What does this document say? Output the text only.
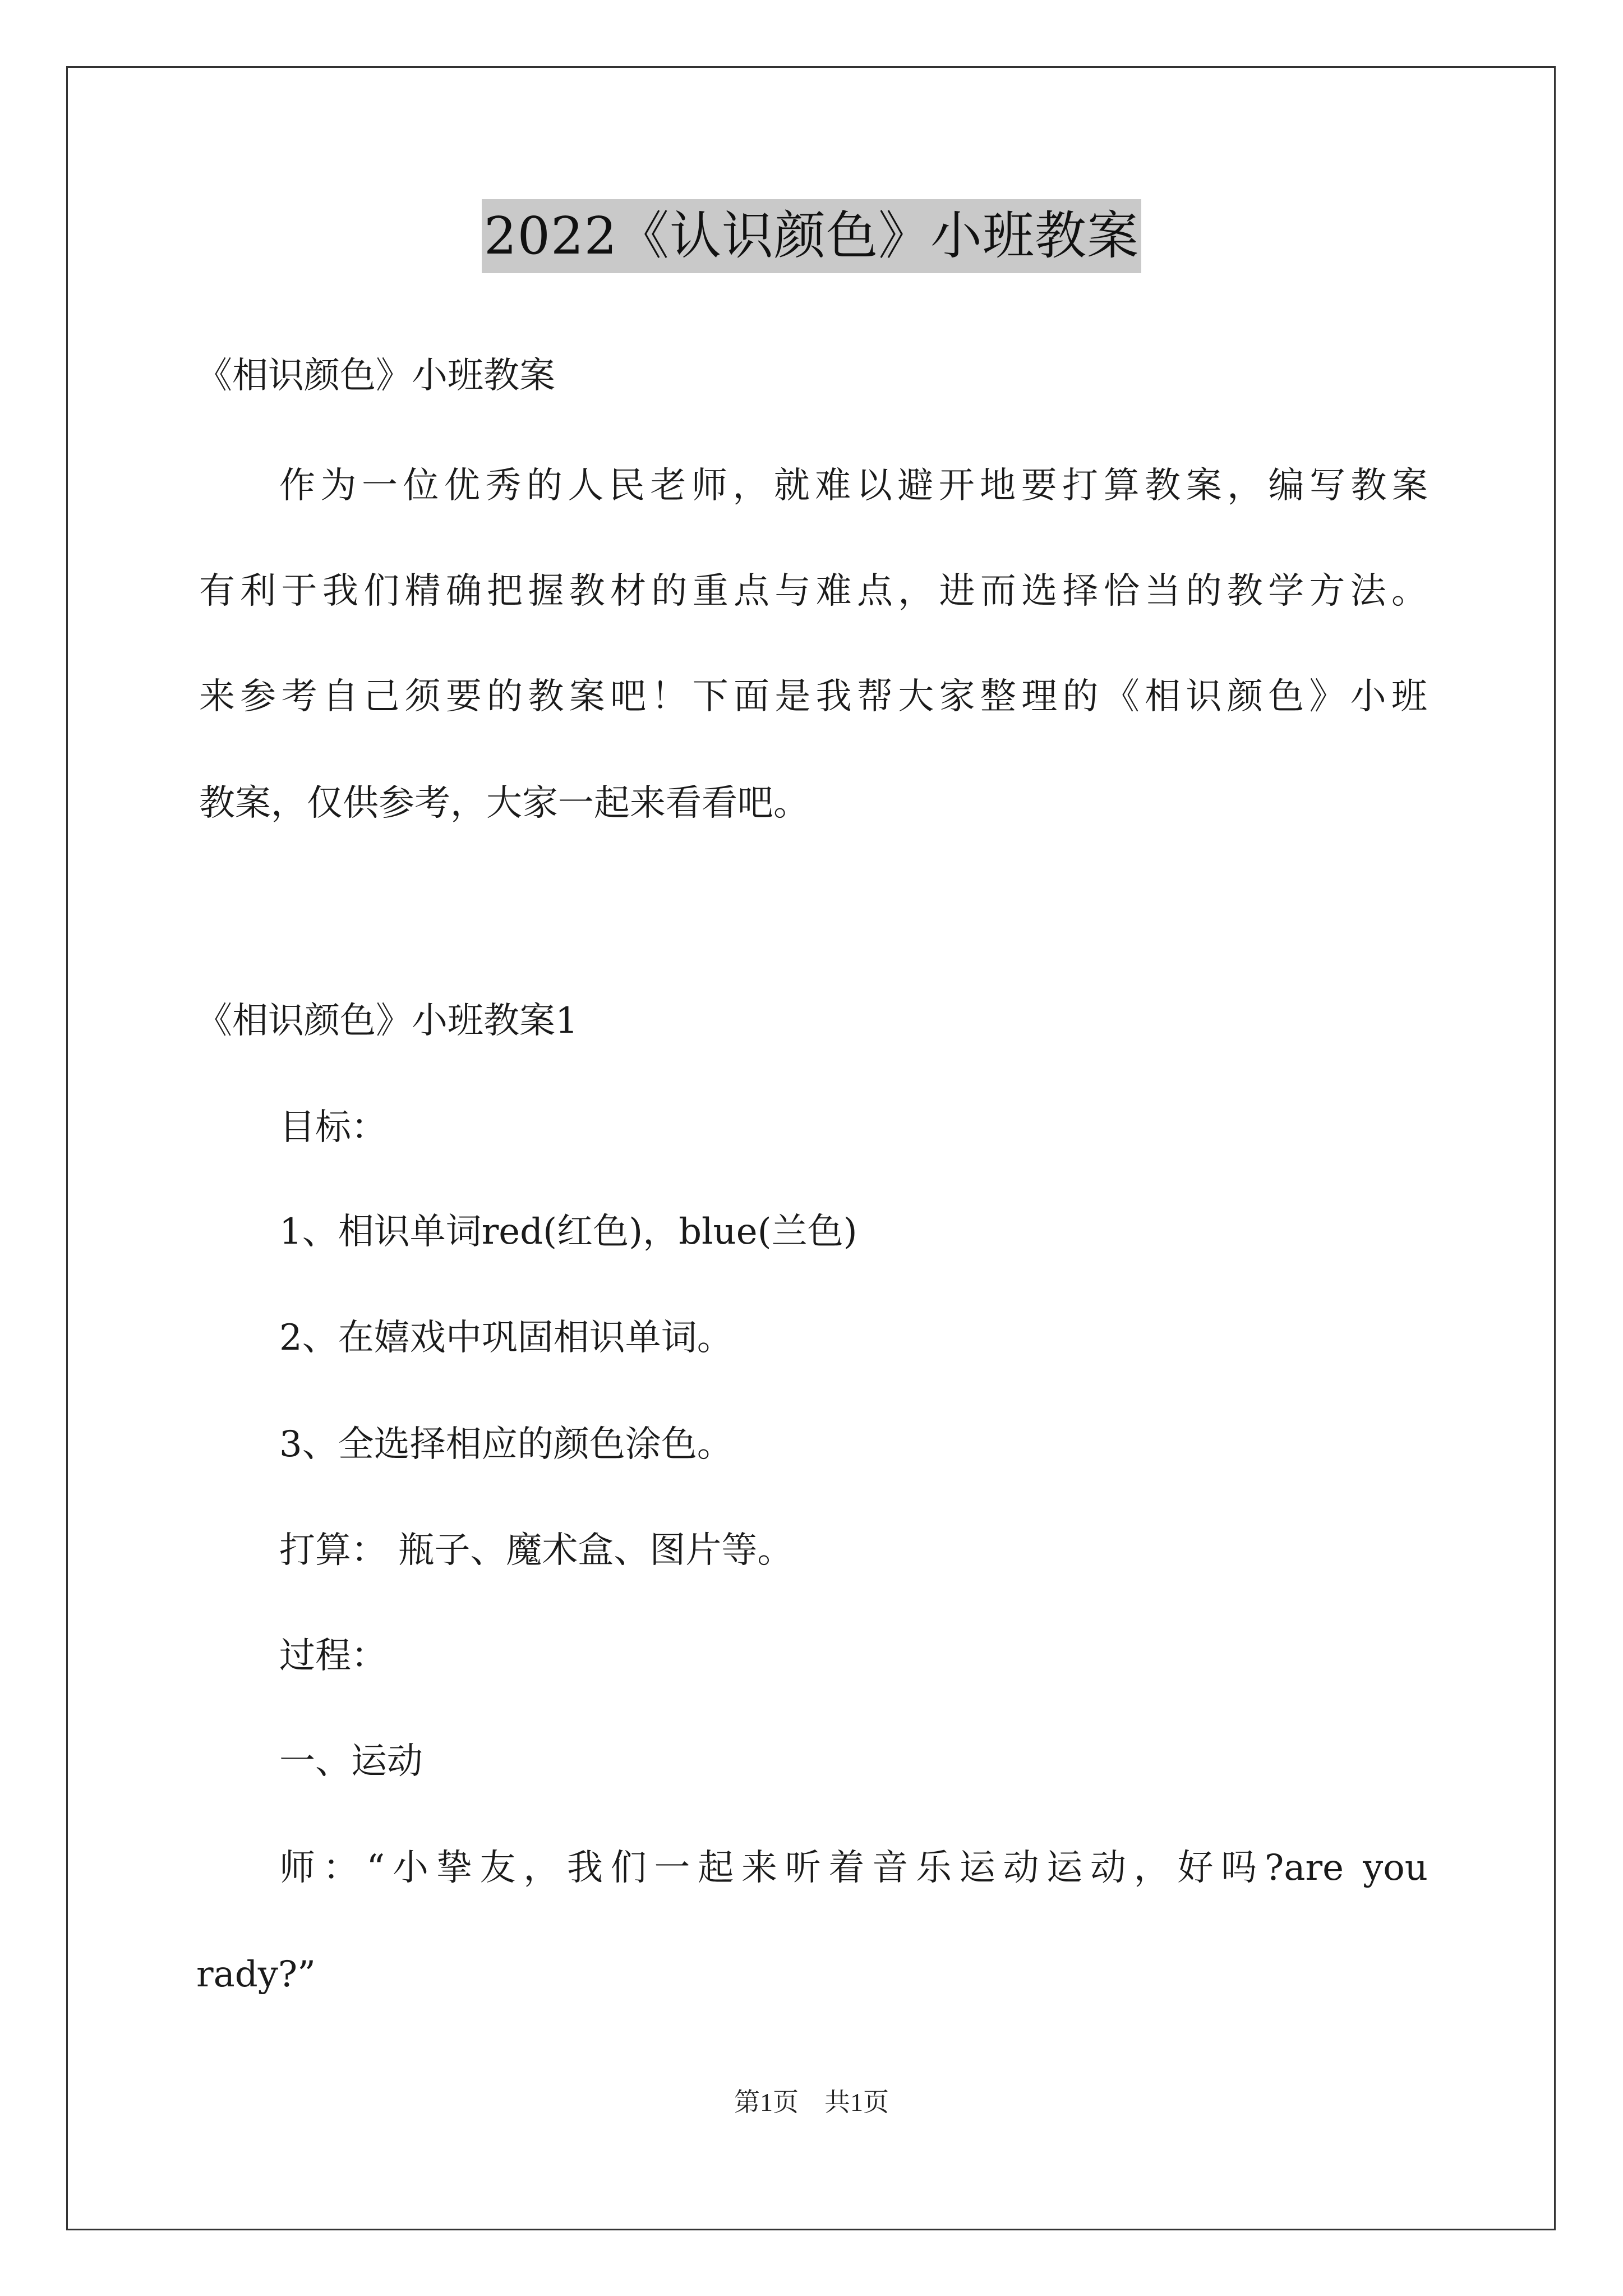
2022《认识颜色》小班教案
《相识颜色》小班教案
作为一位优秀的人民老师，就难以避开地要打算教案，编写教案
有利于我们精确把握教材的重点与难点，进而选择恰当的教学方法。
来参考自己须要的教案吧！下面是我帮大家整理的《相识颜色》小班
教案，仅供参考，大家一起来看看吧。
《相识颜色》小班教案1
目标：
1、相识单词red(红色)，blue(兰色)
2、在嬉戏中巩固相识单词。
3、全选择相应的颜色涂色。
打算： 瓶子、魔术盒、图片等。
过程：
一、运动
师：“小挚友，我们一起来听着音乐运动运动，好吗?are you
rady?”
第1页　共1页
